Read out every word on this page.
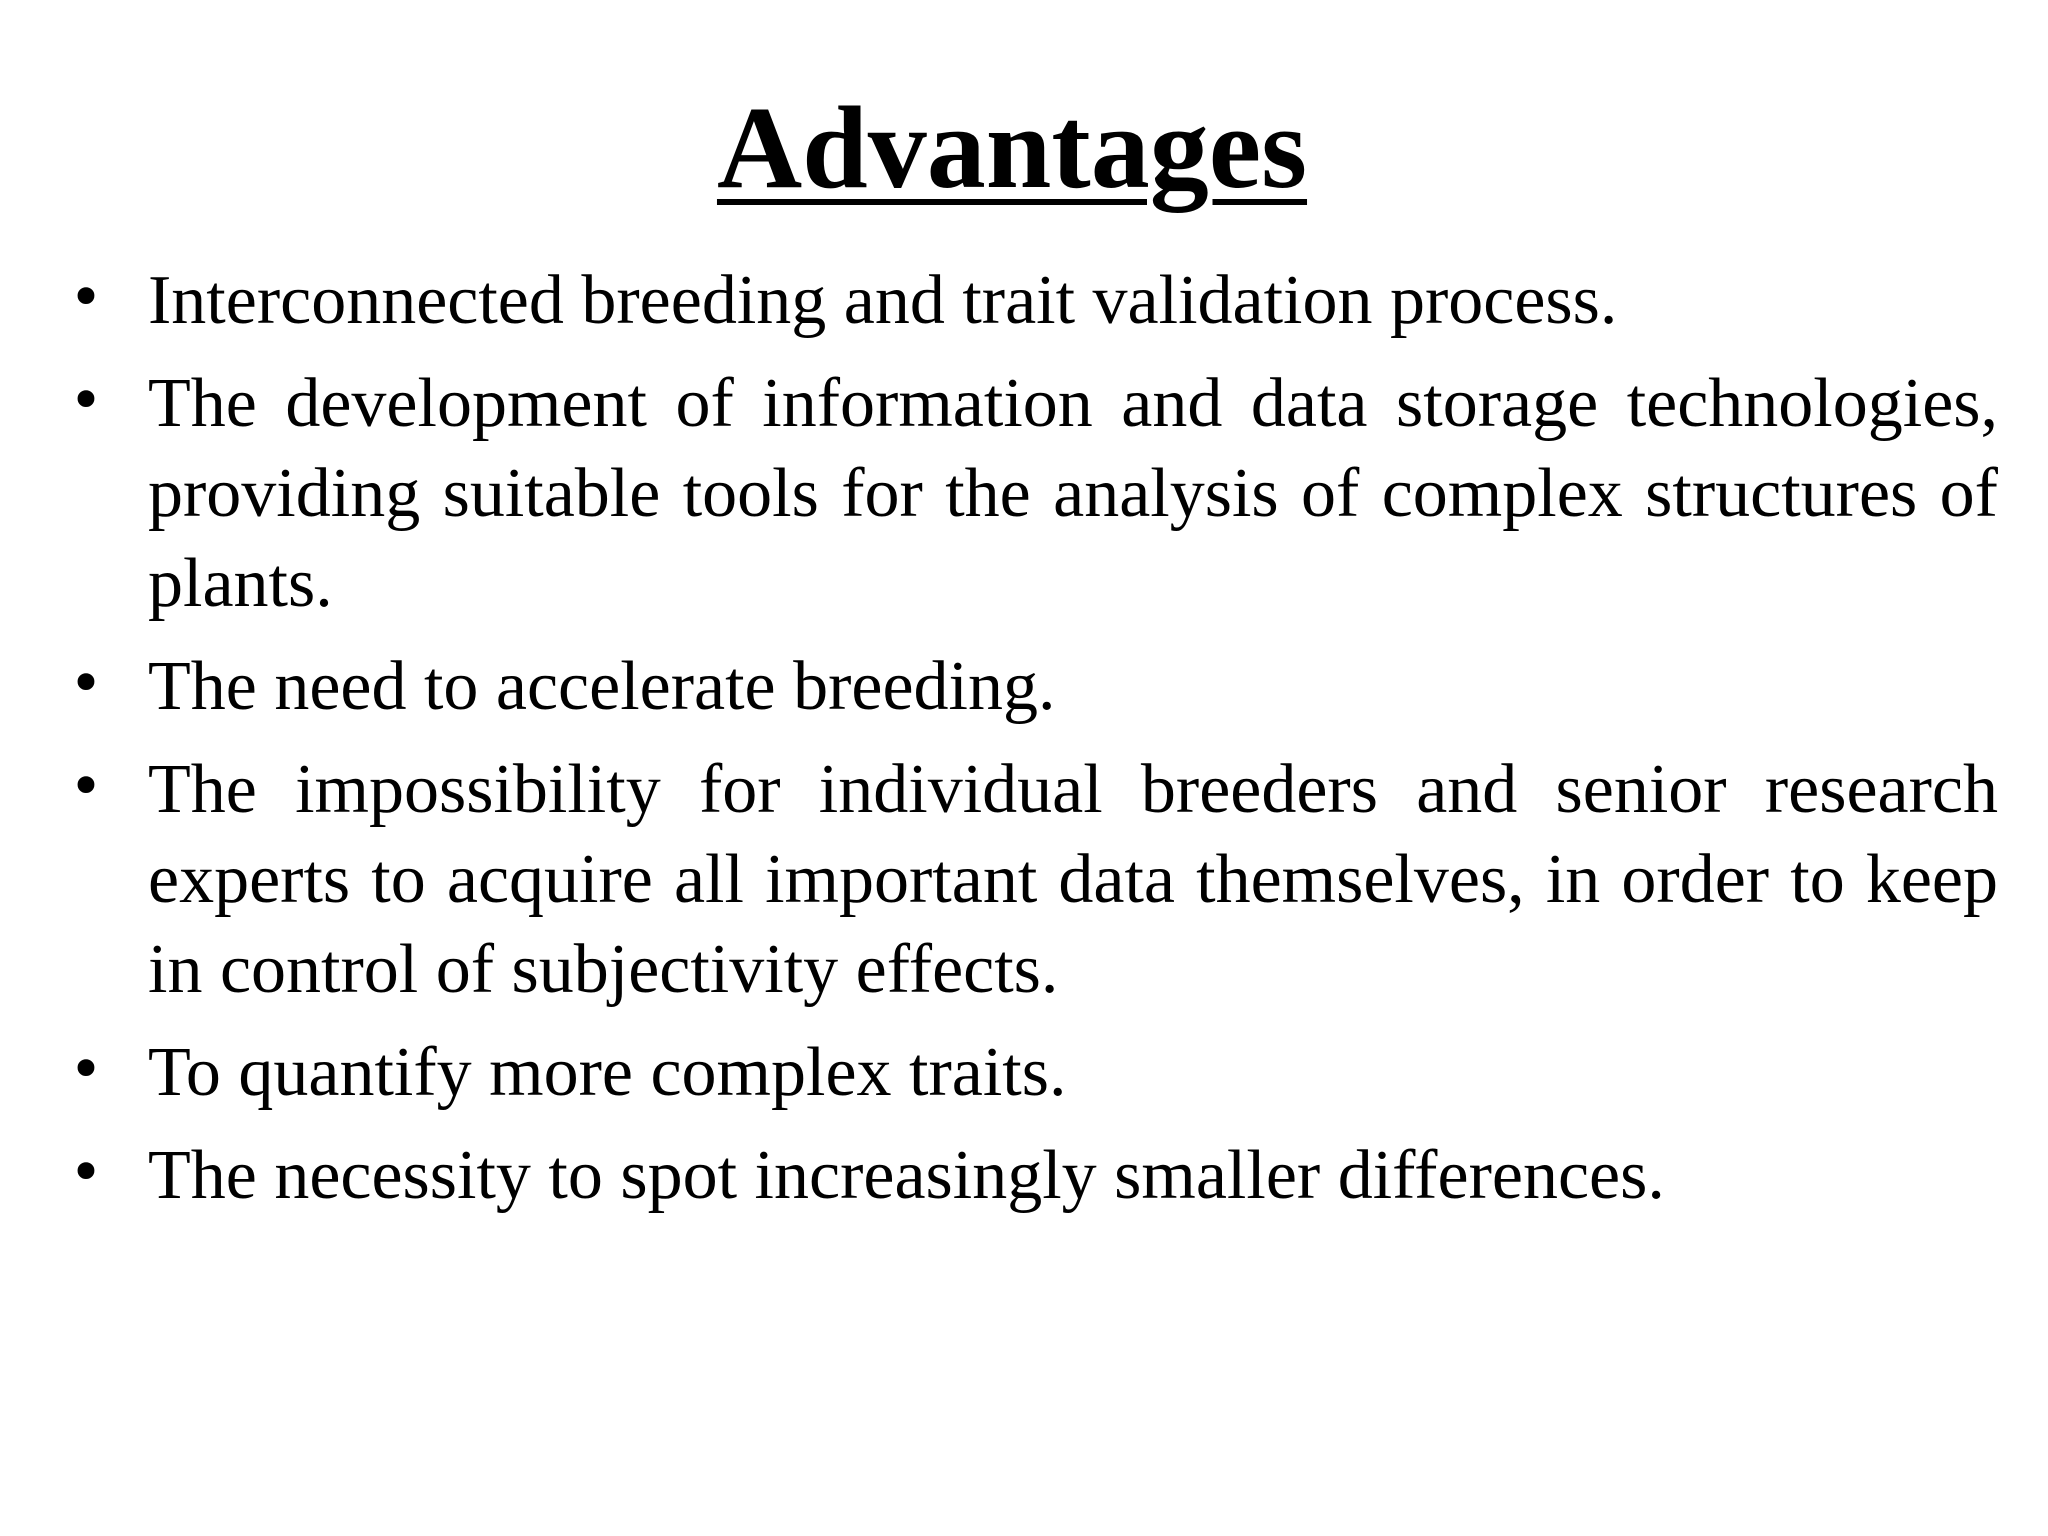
Advantages
• Interconnected breeding and trait validation process.
• The development of information and data storage technologies, providing suitable tools for the analysis of complex structures of plants.
• The need to accelerate breeding.
• The impossibility for individual breeders and senior research experts to acquire all important data themselves, in order to keep in control of subjectivity effects.
• To quantify more complex traits.
• The necessity to spot increasingly smaller differences.
